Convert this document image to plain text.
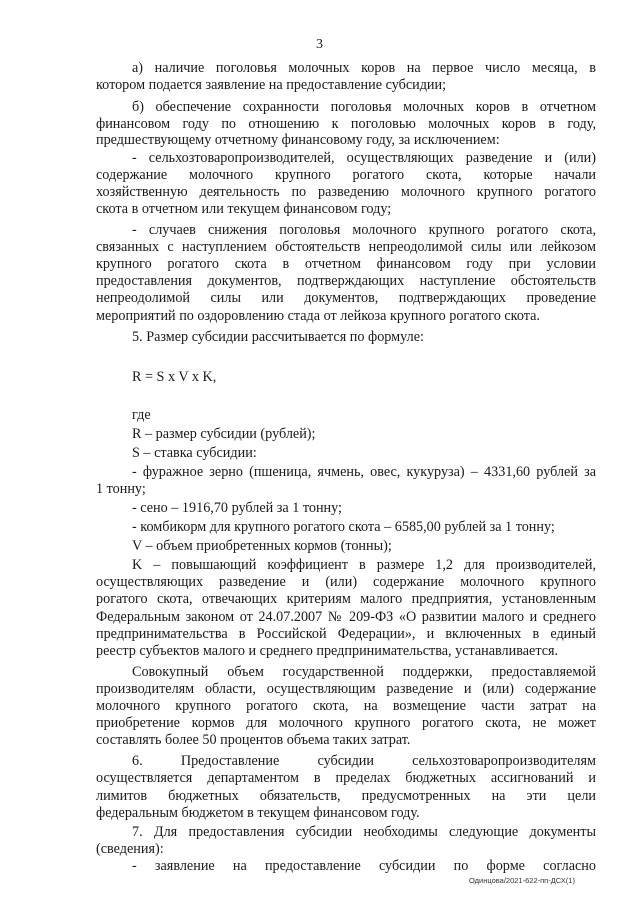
3
а) наличие поголовья молочных коров на первое число месяца, в
котором подается заявление на предоставление субсидии;
б) обеспечение сохранности поголовья молочных коров в отчетном
финансовом году по отношению к поголовью молочных коров в году,
предшествующему отчетному финансовому году, за исключением:
- сельхозтоваропроизводителей, осуществляющих разведение и (или)
содержание молочного крупного рогатого скота, которые начали
хозяйственную деятельность по разведению молочного крупного рогатого
скота в отчетном или текущем финансовом году;
- случаев снижения поголовья молочного крупного рогатого скота,
связанных с наступлением обстоятельств непреодолимой силы или лейкозом
крупного рогатого скота в отчетном финансовом году при условии
предоставления документов, подтверждающих наступление обстоятельств
непреодолимой силы или документов, подтверждающих проведение
мероприятий по оздоровлению стада от лейкоза крупного рогатого скота.
5. Размер субсидии рассчитывается по формуле:
R = S x V x K,
где
R – размер субсидии (рублей);
S – ставка субсидии:
- фуражное зерно (пшеница, ячмень, овес, кукуруза) – 4331,60 рублей за
1 тонну;
- сено – 1916,70 рублей за 1 тонну;
- комбикорм для крупного рогатого скота – 6585,00 рублей за 1 тонну;
V – объем приобретенных кормов (тонны);
K – повышающий коэффициент в размере 1,2 для производителей,
осуществляющих разведение и (или) содержание молочного крупного
рогатого скота, отвечающих критериям малого предприятия, установленным
Федеральным законом от 24.07.2007 № 209-ФЗ «О развитии малого и среднего
предпринимательства в Российской Федерации», и включенных в единый
реестр субъектов малого и среднего предпринимательства, устанавливается.
Совокупный объем государственной поддержки, предоставляемой
производителям области, осуществляющим разведение и (или) содержание
молочного крупного рогатого скота, на возмещение части затрат на
приобретение кормов для молочного крупного рогатого скота, не может
составлять более 50 процентов объема таких затрат.
6. Предоставление субсидии сельхозтоваропроизводителям
осуществляется департаментом в пределах бюджетных ассигнований и
лимитов бюджетных обязательств, предусмотренных на эти цели
федеральным бюджетом в текущем финансовом году.
7. Для предоставления субсидии необходимы следующие документы
(сведения):
- заявление на предоставление субсидии по форме согласно
Одинцова/2021-622-пп-ДСХ(1)
